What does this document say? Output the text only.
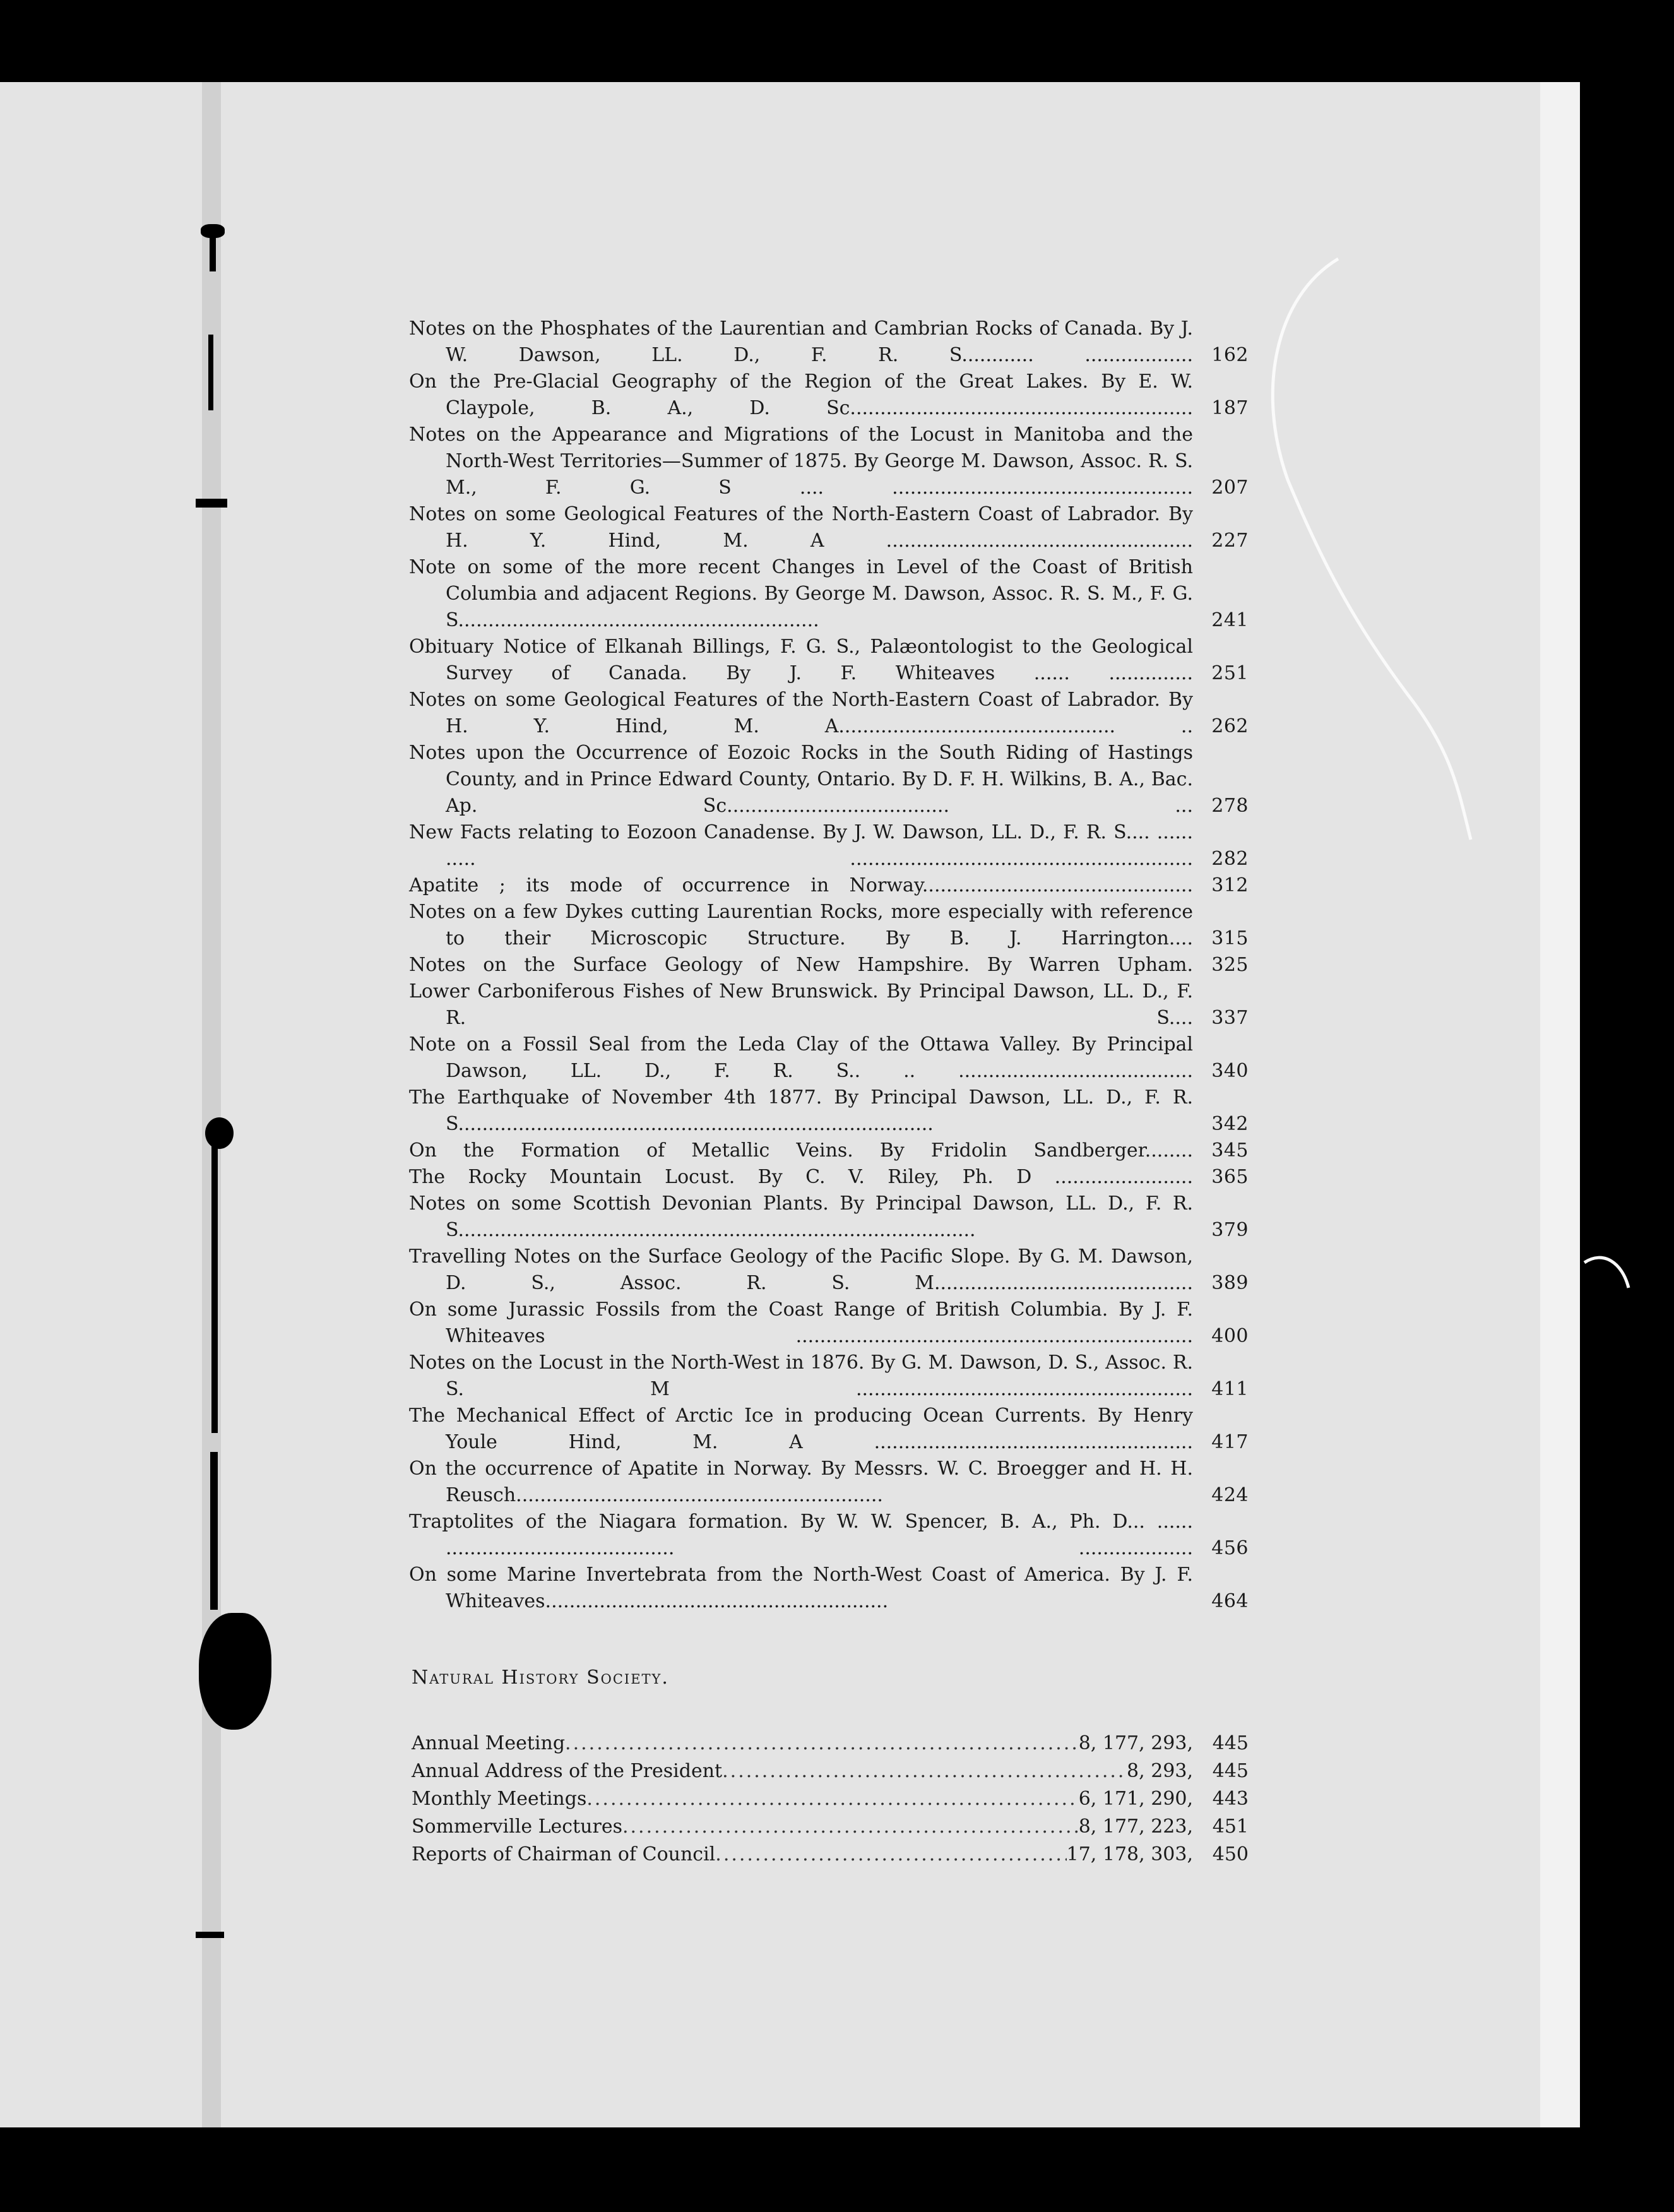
Notes on the Phosphates of the Laurentian and Cambrian Rocks of Canada. By J. W. Dawson, LL. D., F. R. S............ .................. 162
On the Pre-Glacial Geography of the Region of the Great Lakes. By E. W. Claypole, B. A., D. Sc......................................................... 187
Notes on the Appearance and Migrations of the Locust in Manitoba and the North-West Territories—Summer of 1875. By George M. Dawson, Assoc. R. S. M., F. G. S .... .................................................. 207
Notes on some Geological Features of the North-Eastern Coast of Labrador. By H. Y. Hind, M. A ................................................... 227
Note on some of the more recent Changes in Level of the Coast of British Columbia and adjacent Regions. By George M. Dawson, Assoc. R. S. M., F. G. S............................................................	241
Obituary Notice of Elkanah Billings, F. G. S., Palæontologist to the Geological Survey of Canada. By J. F. Whiteaves ...... .............. 251
Notes on some Geological Features of the North-Eastern Coast of Labrador. By H. Y. Hind, M. A.............................................. .. 262
Notes upon the Occurrence of Eozoic Rocks in the South Riding of Hastings County, and in Prince Edward County, Ontario. By D. F. H. Wilkins, B. A., Bac. Ap. Sc..................................... ... 278
New Facts relating to Eozoon Canadense. By J. W. Dawson, LL. D., F. R. S.... ...... ..... ......................................................... 282
Apatite ; its mode of occurrence in Norway............................................. 312
Notes on a few Dykes cutting Laurentian Rocks, more especially with reference to their Microscopic Structure. By B. J. Harrington.... 315
Notes on the Surface Geology of New Hampshire. By Warren Upham. 325
Lower Carboniferous Fishes of New Brunswick. By Principal Dawson, LL. D., F. R. S.... 337
Note on a Fossil Seal from the Leda Clay of the Ottawa Valley. By Principal Dawson, LL. D., F. R. S.. .. ....................................... 340
The Earthquake of November 4th 1877. By Principal Dawson, LL. D., F. R. S...............................................................................	342
On the Formation of Metallic Veins. By Fridolin Sandberger........ 345
The Rocky Mountain Locust. By C. V. Riley, Ph. D ....................... 365
Notes on some Scottish Devonian Plants. By Principal Dawson, LL. D., F. R. S......................................................................................	379
Travelling Notes on the Surface Geology of the Pacific Slope. By G. M. Dawson, D. S., Assoc. R. S. M........................................... 389
On some Jurassic Fossils from the Coast Range of British Columbia. By J. F. Whiteaves .................................................................. 400
Notes on the Locust in the North-West in 1876. By G. M. Dawson, D. S., Assoc. R. S. M ........................................................ 411
The Mechanical Effect of Arctic Ice in producing Ocean Currents. By Henry Youle Hind, M. A ..................................................... 417
On the occurrence of Apatite in Norway. By Messrs. W. C. Broegger and H. H. Reusch.............................................................	424
Traptolites of the Niagara formation. By W. W. Spencer, B. A., Ph. D... ...... ...................................... ................... 456
On some Marine Invertebrata from the North-West Coast of America. By J. F. Whiteaves.........................................................	464
Natural History Society.
Annual Meeting .....	8, 177, 293,	445
Annual Address of the President .....	8, 293,	445
Monthly Meetings .....	6, 171, 290,	443
Sommerville Lectures .....	8, 177, 223,	451
Reports of Chairman of Council .....	17, 178, 303,	450
